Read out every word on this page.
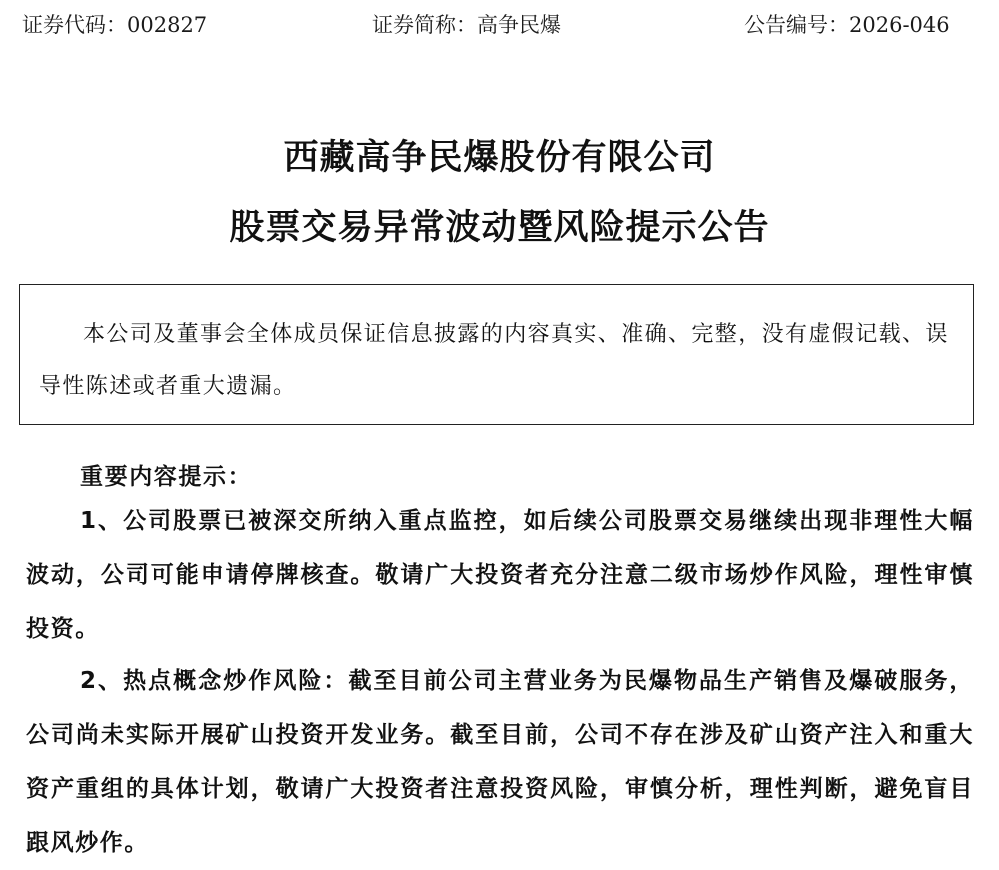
证券代码：002827	证券简称：高争民爆	公告编号：2026-046
西藏高争民爆股份有限公司
股票交易异常波动暨风险提示公告
本公司及董事会全体成员保证信息披露的内容真实、准确、完整，没有虚假记载、误导性陈述或者重大遗漏。
重要内容提示：
1、公司股票已被深交所纳入重点监控，如后续公司股票交易继续出现非理性大幅波动，公司可能申请停牌核查。敬请广大投资者充分注意二级市场炒作风险，理性审慎投资。
2、热点概念炒作风险：截至目前公司主营业务为民爆物品生产销售及爆破服务，公司尚未实际开展矿山投资开发业务。截至目前，公司不存在涉及矿山资产注入和重大资产重组的具体计划，敬请广大投资者注意投资风险，审慎分析，理性判断，避免盲目跟风炒作。
